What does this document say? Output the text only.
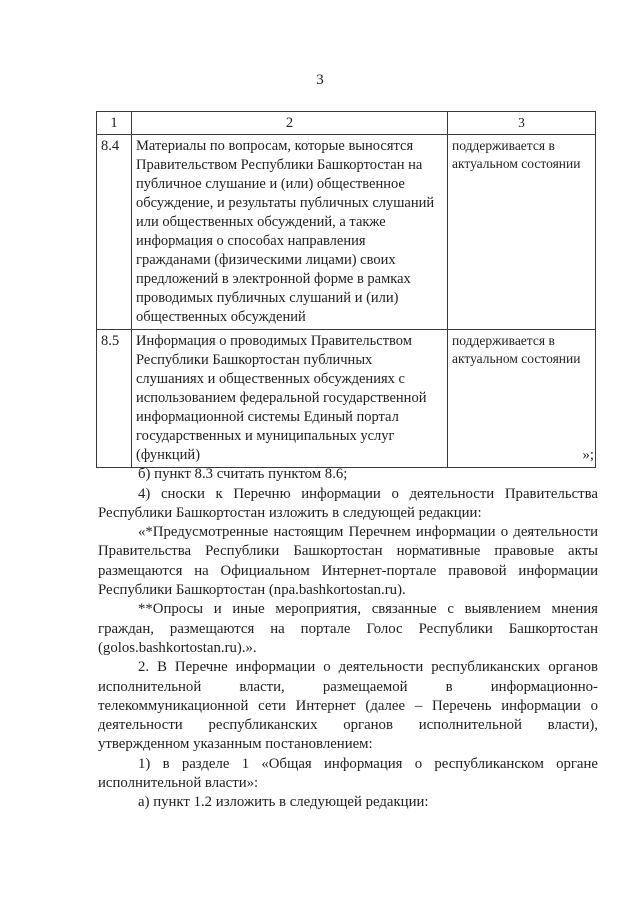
3
1	2	3
8.4	Материалы по вопросам, которые выносятся Правительством Республики Башкортостан на публичное слушание и (или) общественное обсуждение, и результаты публичных слушаний или общественных обсуждений, а также информация о способах направления гражданами (физическими лицами) своих предложений в электронной форме в рамках проводимых публичных слушаний и (или) общественных обсуждений	поддерживается в актуальном состоянии
8.5	Информация о проводимых Правительством Республики Башкортостан публичных слушаниях и общественных обсуждениях с использованием федеральной государственной информационной системы Единый портал государственных и муниципальных услуг (функций)	поддерживается в актуальном состоянии

»;

б) пункт 8.3 считать пунктом 8.6;

4) сноски к Перечню информации о деятельности Правительства Республики Башкортостан изложить в следующей редакции:

«*Предусмотренные настоящим Перечнем информации о деятельности Правительства Республики Башкортостан нормативные правовые акты размещаются на Официальном Интернет-портале правовой информации Республики Башкортостан (npa.bashkortostan.ru).

**Опросы и иные мероприятия, связанные с выявлением мнения граждан, размещаются на портале Голос Республики Башкортостан (golos.bashkortostan.ru).».

2. В Перечне информации о деятельности республиканских органов исполнительной власти, размещаемой в информационно-телекоммуникационной сети Интернет (далее – Перечень информации о деятельности республиканских органов исполнительной власти), утвержденном указанным постановлением:

1) в разделе 1 «Общая информация о республиканском органе исполнительной власти»:

а) пункт 1.2 изложить в следующей редакции:
